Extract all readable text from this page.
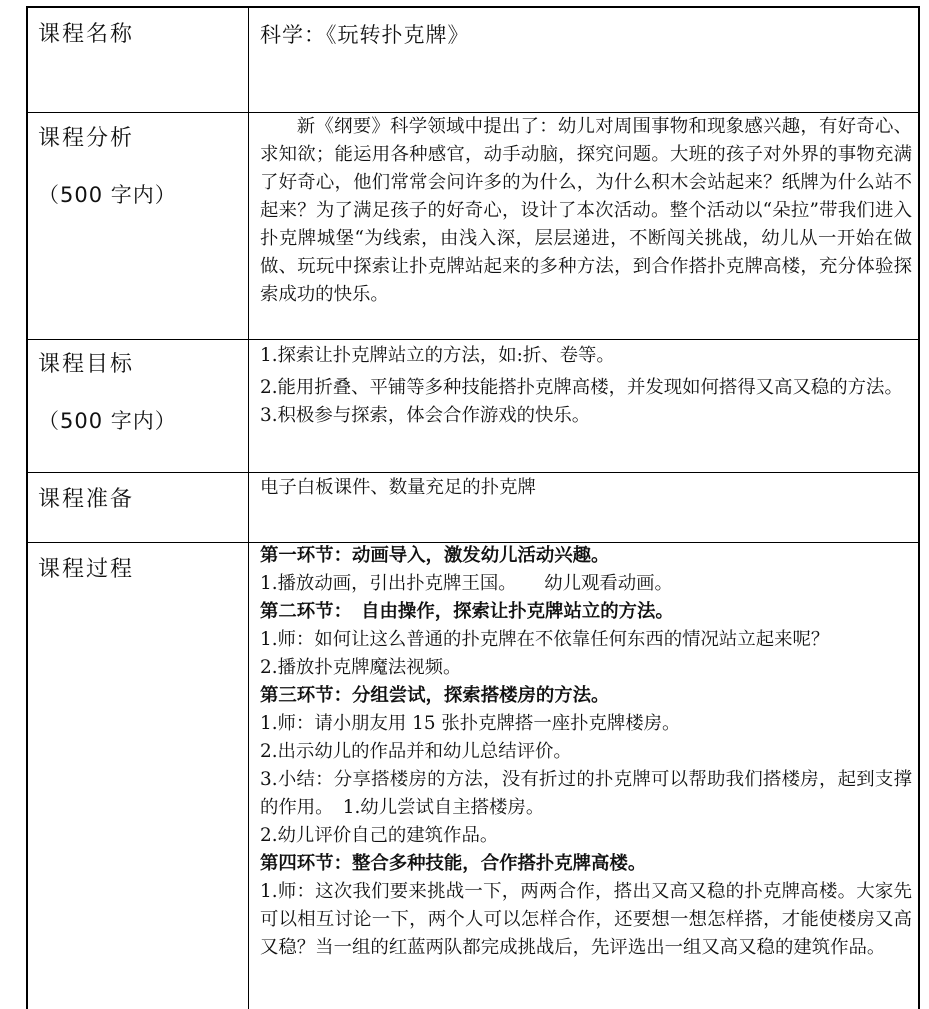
课程名称	科学：《玩转扑克牌》
课程分析
（500 字内）

新《纲要》科学领域中提出了：幼儿对周围事物和现象感兴趣，有好奇心、求知欲；能运用各种感官，动手动脑，探究问题。大班的孩子对外界的事物充满了好奇心，他们常常会问许多的为什么，为什么积木会站起来？纸牌为什么站不起来？为了满足孩子的好奇心，设计了本次活动。整个活动以“朵拉”带我们进入扑克牌城堡“为线索，由浅入深，层层递进，不断闯关挑战，幼儿从一开始在做做、玩玩中探索让扑克牌站起来的多种方法，到合作搭扑克牌高楼，充分体验探索成功的快乐。

课程目标
（500 字内）

1.探索让扑克牌站立的方法，如:折、卷等。

2.能用折叠、平铺等多种技能搭扑克牌高楼，并发现如何搭得又高又稳的方法。

3.积极参与探索，体会合作游戏的快乐。

课程准备	电子白板课件、数量充足的扑克牌
课程过程

第一环节：动画导入，激发幼儿活动兴趣。

1.播放动画，引出扑克牌王国。　　幼儿观看动画。

第二环节：　自由操作，探索让扑克牌站立的方法。

1.师：如何让这么普通的扑克牌在不依靠任何东西的情况站立起来呢？

2.播放扑克牌魔法视频。

第三环节：分组尝试，探索搭楼房的方法。

1.师：请小朋友用 15 张扑克牌搭一座扑克牌楼房。

2.出示幼儿的作品并和幼儿总结评价。

3.小结：分享搭楼房的方法，没有折过的扑克牌可以帮助我们搭楼房，起到支撑的作用。　1.幼儿尝试自主搭楼房。

2.幼儿评价自己的建筑作品。

第四环节：整合多种技能，合作搭扑克牌高楼。

1.师：这次我们要来挑战一下，两两合作，搭出又高又稳的扑克牌高楼。大家先可以相互讨论一下，两个人可以怎样合作，还要想一想怎样搭，才能使楼房又高又稳？当一组的红蓝两队都完成挑战后，先评选出一组又高又稳的建筑作品。
